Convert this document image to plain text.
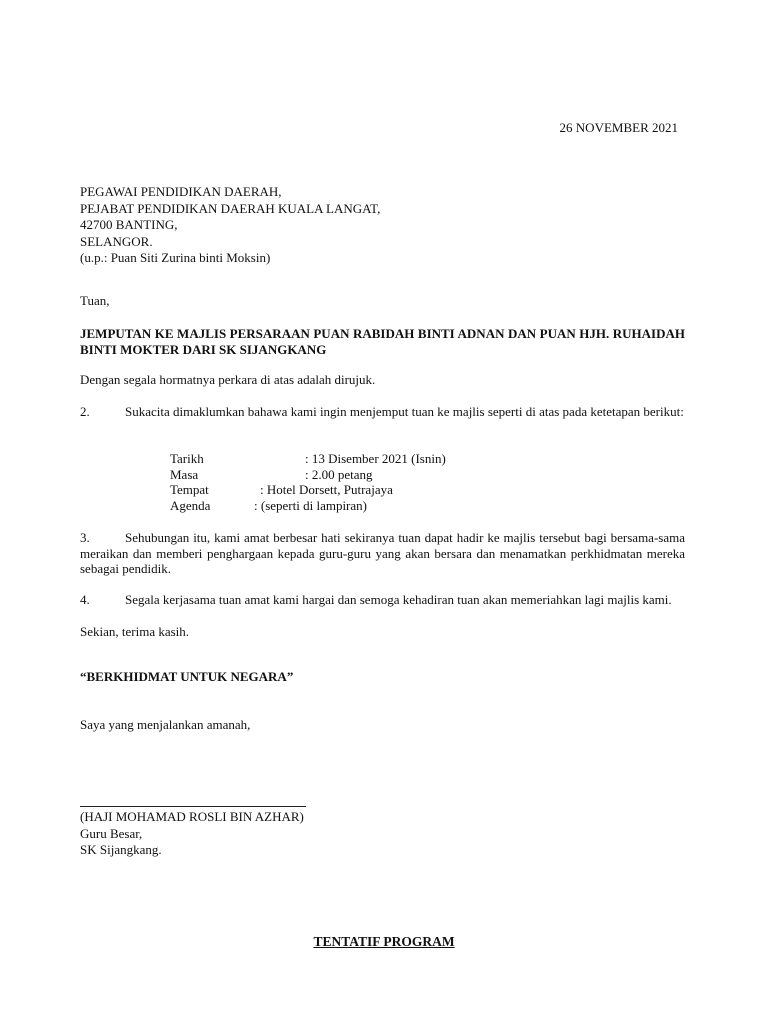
26 NOVEMBER 2021
PEGAWAI PENDIDIKAN DAERAH,
PEJABAT PENDIDIKAN DAERAH KUALA LANGAT,
42700 BANTING,
SELANGOR.
(u.p.: Puan Siti Zurina binti Moksin)
Tuan,
JEMPUTAN KE MAJLIS PERSARAAN PUAN RABIDAH BINTI ADNAN DAN PUAN HJH. RUHAIDAH BINTI MOKTER DARI SK SIJANGKANG
Dengan segala hormatnya perkara di atas adalah dirujuk.
2.	Sukacita dimaklumkan bahawa kami ingin menjemput tuan ke majlis seperti di atas pada ketetapan berikut:
Tarikh	: 13 Disember 2021 (Isnin)
Masa	: 2.00 petang
Tempat	: Hotel Dorsett, Putrajaya
Agenda	: (seperti di lampiran)
3.	Sehubungan itu, kami amat berbesar hati sekiranya tuan dapat hadir ke majlis tersebut bagi bersama-sama meraikan dan memberi penghargaan kepada guru-guru yang akan bersara dan menamatkan perkhidmatan mereka sebagai pendidik.
4.	Segala kerjasama tuan amat kami hargai dan semoga kehadiran tuan akan memeriahkan lagi majlis kami.
Sekian, terima kasih.
“BERKHIDMAT UNTUK NEGARA”
Saya yang menjalankan amanah,
(HAJI MOHAMAD ROSLI BIN AZHAR)
Guru Besar,
SK Sijangkang.
TENTATIF PROGRAM
